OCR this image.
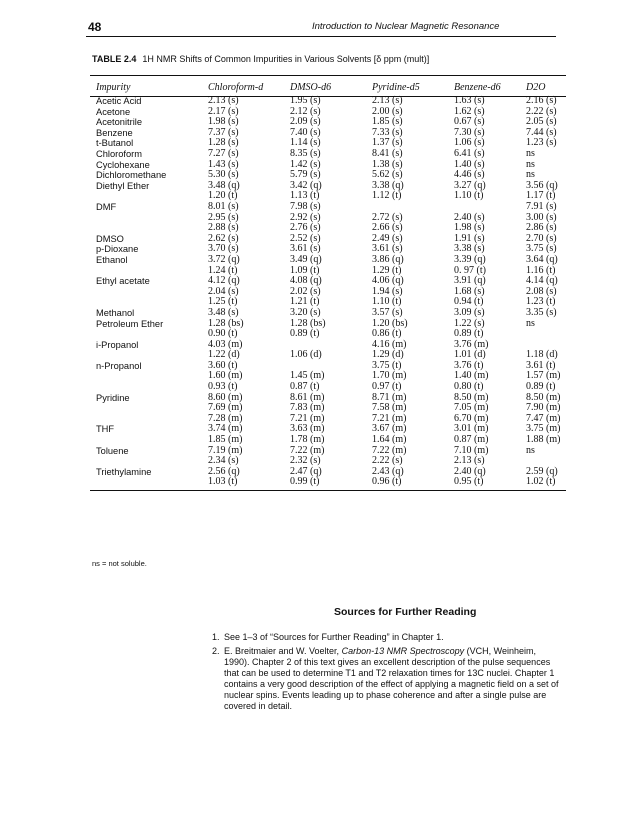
48	Introduction to Nuclear Magnetic Resonance
TABLE 2.4 1H NMR Shifts of Common Impurities in Various Solvents [δ ppm (mult)]
Impurity	Chloroform-d	DMSO-d6	Pyridine-d5	Benzene-d6	D2O
Acetic Acid	2.13 (s)	1.95 (s)	2.13 (s)	1.63 (s)	2.16 (s)
Acetone	2.17 (s)	2.12 (s)	2.00 (s)	1.62 (s)	2.22 (s)
Acetonitrile	1.98 (s)	2.09 (s)	1.85 (s)	0.67 (s)	2.05 (s)
Benzene	7.37 (s)	7.40 (s)	7.33 (s)	7.30 (s)	7.44 (s)
t-Butanol	1.28 (s)	1.14 (s)	1.37 (s)	1.06 (s)	1.23 (s)
Chloroform	7.27 (s)	8.35 (s)	8.41 (s)	6.41 (s)	ns
Cyclohexane	1.43 (s)	1.42 (s)	1.38 (s)	1.40 (s)	ns
Dichloromethane	5.30 (s)	5.79 (s)	5.62 (s)	4.46 (s)	ns
Diethyl Ether	3.48 (q)	3.42 (q)	3.38 (q)	3.27 (q)	3.56 (q)
	1.20 (t)	1.13 (t)	1.12 (t)	1.10 (t)	1.17 (t)
DMF	8.01 (s)	7.98 (s)			7.91 (s)
	2.95 (s)	2.92 (s)	2.72 (s)	2.40 (s)	3.00 (s)
	2.88 (s)	2.76 (s)	2.66 (s)	1.98 (s)	2.86 (s)
DMSO	2.62 (s)	2.52 (s)	2.49 (s)	1.91 (s)	2.70 (s)
p-Dioxane	3.70 (s)	3.61 (s)	3.61 (s)	3.38 (s)	3.75 (s)
Ethanol	3.72 (q)	3.49 (q)	3.86 (q)	3.39 (q)	3.64 (q)
	1.24 (t)	1.09 (t)	1.29 (t)	0. 97 (t)	1.16 (t)
Ethyl acetate	4.12 (q)	4.08 (q)	4.06 (q)	3.91 (q)	4.14 (q)
	2.04 (s)	2.02 (s)	1.94 (s)	1.68 (s)	2.08 (s)
	1.25 (t)	1.21 (t)	1.10 (t)	0.94 (t)	1.23 (t)
Methanol	3.48 (s)	3.20 (s)	3.57 (s)	3.09 (s)	3.35 (s)
Petroleum Ether	1.28 (bs)	1.28 (bs)	1.20 (bs)	1.22 (s)	ns
	0.90 (t)	0.89 (t)	0.86 (t)	0.89 (t)	
i-Propanol	4.03 (m)		4.16 (m)	3.76 (m)	
	1.22 (d)	1.06 (d)	1.29 (d)	1.01 (d)	1.18 (d)
n-Propanol	3.60 (t)		3.75 (t)	3.76 (t)	3.61 (t)
	1.60 (m)	1.45 (m)	1.70 (m)	1.40 (m)	1.57 (m)
	0.93 (t)	0.87 (t)	0.97 (t)	0.80 (t)	0.89 (t)
Pyridine	8.60 (m)	8.61 (m)	8.71 (m)	8.50 (m)	8.50 (m)
	7.69 (m)	7.83 (m)	7.58 (m)	7.05 (m)	7.90 (m)
	7.28 (m)	7.21 (m)	7.21 (m)	6.70 (m)	7.47 (m)
THF	3.74 (m)	3.63 (m)	3.67 (m)	3.01 (m)	3.75 (m)
	1.85 (m)	1.78 (m)	1.64 (m)	0.87 (m)	1.88 (m)
Toluene	7.19 (m)	7.22 (m)	7.22 (m)	7.10 (m)	ns
	2.34 (s)	2.32 (s)	2.22 (s)	2.13 (s)	
Triethylamine	2.56 (q)	2.47 (q)	2.43 (q)	2.40 (q)	2.59 (q)
	1.03 (t)	0.99 (t)	0.96 (t)	0.95 (t)	1.02 (t)
ns = not soluble.
Sources for Further Reading
1. See 1–3 of “Sources for Further Reading” in Chapter 1.
2. E. Breitmaier and W. Voelter, Carbon-13 NMR Spectroscopy (VCH, Weinheim, 1990). Chapter 2 of this text gives an excellent description of the pulse sequences that can be used to determine T1 and T2 relaxation times for 13C nuclei. Chapter 1 contains a very good description of the effect of applying a magnetic field on a set of nuclear spins. Events leading up to phase coherence and after a single pulse are covered in detail.
